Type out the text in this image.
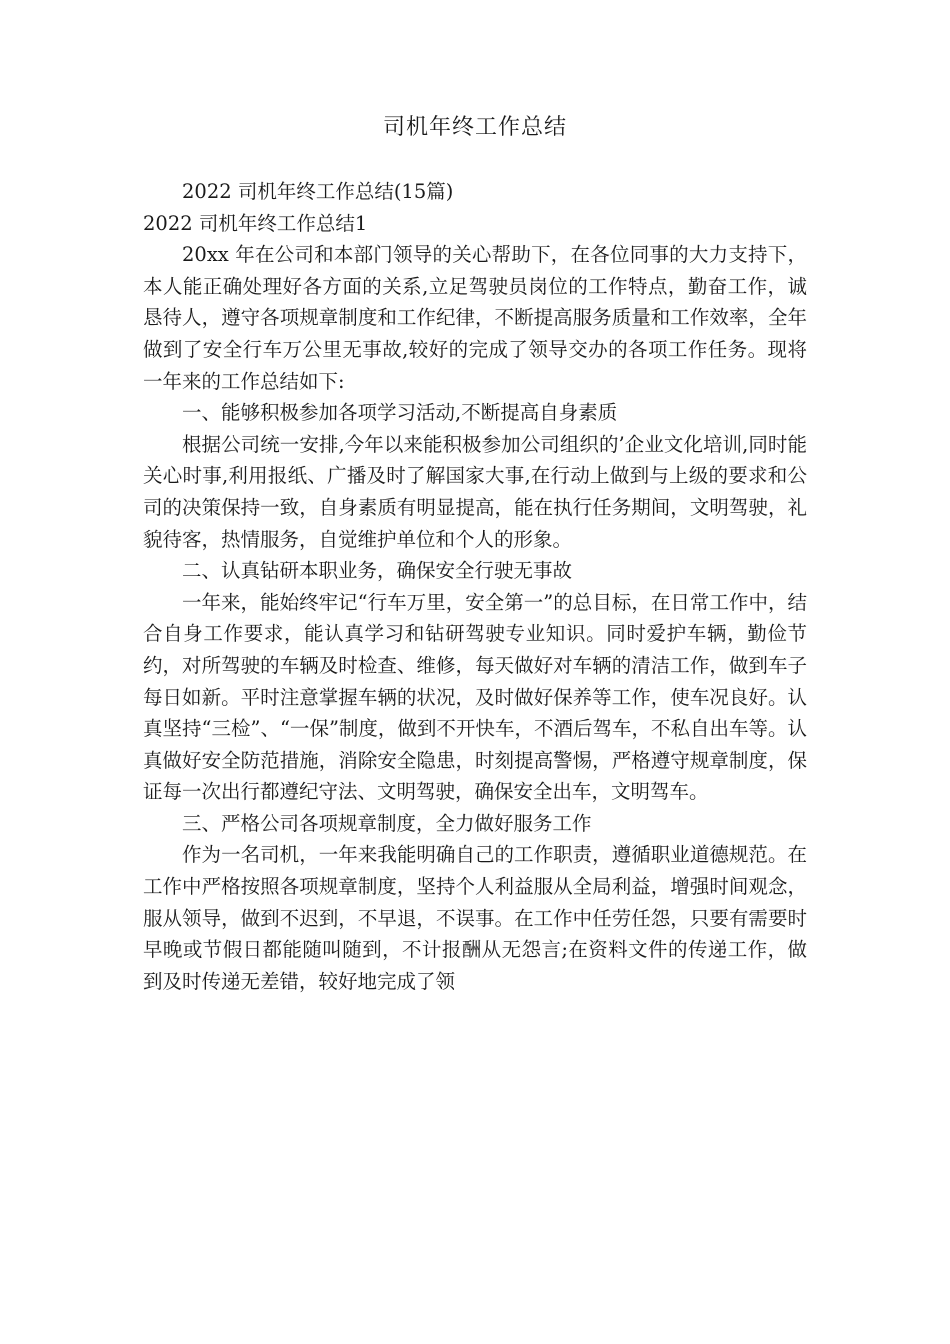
司机年终工作总结

2022 司机年终工作总结(15篇)

2022 司机年终工作总结1

20xx 年在公司和本部门领导的关心帮助下，在各位同事的大力支持下，本人能正确处理好各方面的关系,立足驾驶员岗位的工作特点，勤奋工作，诚恳待人，遵守各项规章制度和工作纪律，不断提高服务质量和工作效率，全年做到了安全行车万公里无事故,较好的完成了领导交办的各项工作任务。现将一年来的工作总结如下:

一、能够积极参加各项学习活动,不断提高自身素质

根据公司统一安排,今年以来能积极参加公司组织的’企业文化培训,同时能关心时事,利用报纸、广播及时了解国家大事,在行动上做到与上级的要求和公司的决策保持一致，自身素质有明显提高，能在执行任务期间，文明驾驶，礼貌待客，热情服务，自觉维护单位和个人的形象。

二、认真钻研本职业务，确保安全行驶无事故

一年来，能始终牢记“行车万里，安全第一”的总目标，在日常工作中，结合自身工作要求，能认真学习和钻研驾驶专业知识。同时爱护车辆，勤俭节约，对所驾驶的车辆及时检查、维修，每天做好对车辆的清洁工作，做到车子每日如新。平时注意掌握车辆的状况，及时做好保养等工作，使车况良好。认真坚持“三检”、“一保”制度，做到不开快车，不酒后驾车，不私自出车等。认真做好安全防范措施，消除安全隐患，时刻提高警惕，严格遵守规章制度，保证每一次出行都遵纪守法、文明驾驶，确保安全出车，文明驾车。

三、严格公司各项规章制度，全力做好服务工作

作为一名司机，一年来我能明确自己的工作职责，遵循职业道德规范。在工作中严格按照各项规章制度，坚持个人利益服从全局利益，增强时间观念，服从领导，做到不迟到，不早退，不误事。在工作中任劳任怨，只要有需要时早晚或节假日都能随叫随到，不计报酬从无怨言;在资料文件的传递工作，做到及时传递无差错，较好地完成了领
